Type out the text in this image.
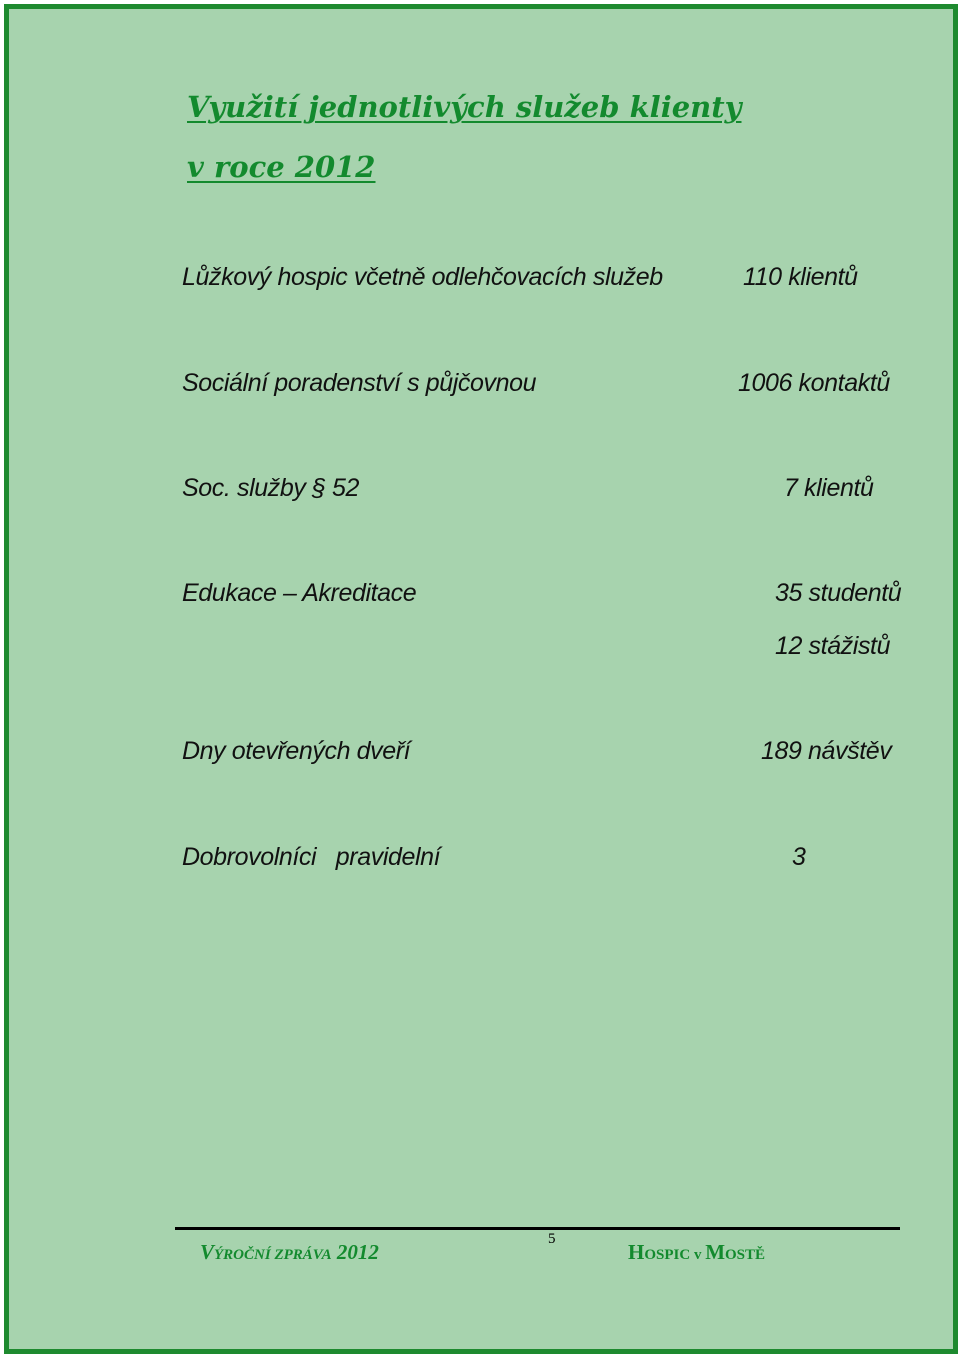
Využití jednotlivých služeb klienty
v roce 2012
Lůžkový hospic včetně odlehčovacích služeb	110 klientů
Sociální poradenství s půjčovnou	1006 kontaktů
Soc. služby § 52	7 klientů
Edukace – Akreditace	35 studentů
12 stážistů
Dny otevřených dveří	189 návštěv
Dobrovolníci   pravidelní	3
VÝROČNÍ ZPRÁVA 2012
5
HOSPIC v MOSTĚ
